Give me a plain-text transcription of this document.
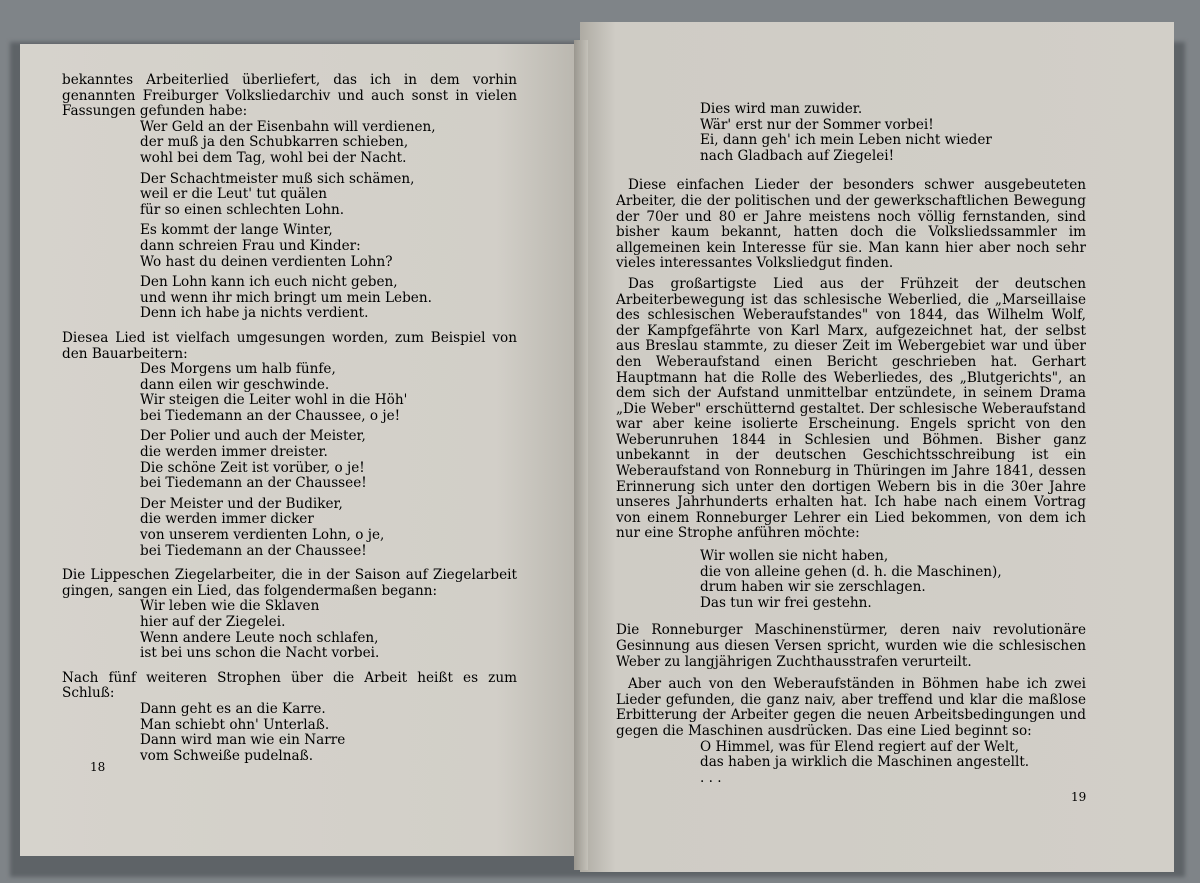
bekanntes Arbeiterlied überliefert, das ich in dem vorhin genannten Freiburger Volksliedarchiv und auch sonst in vielen Fassungen gefunden habe:

Wer Geld an der Eisenbahn will verdienen,
der muß ja den Schubkarren schieben,
wohl bei dem Tag, wohl bei der Nacht.
Der Schachtmeister muß sich schämen,
weil er die Leut' tut quälen
für so einen schlechten Lohn.
Es kommt der lange Winter,
dann schreien Frau und Kinder:
Wo hast du deinen verdienten Lohn?
Den Lohn kann ich euch nicht geben,
und wenn ihr mich bringt um mein Leben.
Denn ich habe ja nichts verdient.

Diesea Lied ist vielfach umgesungen worden, zum Beispiel von den Bauarbeitern:

Des Morgens um halb fünfe,
dann eilen wir geschwinde.
Wir steigen die Leiter wohl in die Höh'
bei Tiedemann an der Chaussee, o je!
Der Polier und auch der Meister,
die werden immer dreister.
Die schöne Zeit ist vorüber, o je!
bei Tiedemann an der Chaussee!
Der Meister und der Budiker,
die werden immer dicker
von unserem verdienten Lohn, o je,
bei Tiedemann an der Chaussee!

Die Lippeschen Ziegelarbeiter, die in der Saison auf Ziegelarbeit gingen, sangen ein Lied, das folgendermaßen begann:

Wir leben wie die Sklaven
hier auf der Ziegelei.
Wenn andere Leute noch schlafen,
ist bei uns schon die Nacht vorbei.

Nach fünf weiteren Strophen über die Arbeit heißt es zum Schluß:

Dann geht es an die Karre.
Man schiebt ohn' Unterlaß.
Dann wird man wie ein Narre
vom Schweiße pudelnaß.
18
Dies wird man zuwider.
Wär' erst nur der Sommer vorbei!
Ei, dann geh' ich mein Leben nicht wieder
nach Gladbach auf Ziegelei!

Diese einfachen Lieder der besonders schwer ausgebeuteten Arbeiter, die der politischen und der gewerkschaftlichen Bewegung der 70er und 80 er Jahre meistens noch völlig fernstanden, sind bisher kaum bekannt, hatten doch die Volksliedssammler im allgemeinen kein Interesse für sie. Man kann hier aber noch sehr vieles interessantes Volksliedgut finden.

Das großartigste Lied aus der Frühzeit der deutschen Arbeiterbewegung ist das schlesische Weberlied, die „Marseillaise des schlesischen Weberaufstandes" von 1844, das Wilhelm Wolf, der Kampfgefährte von Karl Marx, aufgezeichnet hat, der selbst aus Breslau stammte, zu dieser Zeit im Webergebiet war und über den Weberaufstand einen Bericht geschrieben hat. Gerhart Hauptmann hat die Rolle des Weberliedes, des „Blutgerichts", an dem sich der Aufstand unmittelbar entzündete, in seinem Drama „Die Weber" erschütternd gestaltet. Der schlesische Weberaufstand war aber keine isolierte Erscheinung. Engels spricht von den Weberunruhen 1844 in Schlesien und Böhmen. Bisher ganz unbekannt in der deutschen Geschichtsschreibung ist ein Weberaufstand von Ronneburg in Thüringen im Jahre 1841, dessen Erinnerung sich unter den dortigen Webern bis in die 30er Jahre unseres Jahrhunderts erhalten hat. Ich habe nach einem Vortrag von einem Ronneburger Lehrer ein Lied bekommen, von dem ich nur eine Strophe anführen möchte:

Wir wollen sie nicht haben,
die von alleine gehen (d. h. die Maschinen),
drum haben wir sie zerschlagen.
Das tun wir frei gestehn.

Die Ronneburger Maschinenstürmer, deren naiv revolutionäre Gesinnung aus diesen Versen spricht, wurden wie die schlesischen Weber zu langjährigen Zuchthausstrafen verurteilt.

Aber auch von den Weberaufständen in Böhmen habe ich zwei Lieder gefunden, die ganz naiv, aber treffend und klar die maßlose Erbitterung der Arbeiter gegen die neuen Arbeitsbedingungen und gegen die Maschinen ausdrücken. Das eine Lied beginnt so:

O Himmel, was für Elend regiert auf der Welt,
das haben ja wirklich die Maschinen angestellt.
. . .
19
